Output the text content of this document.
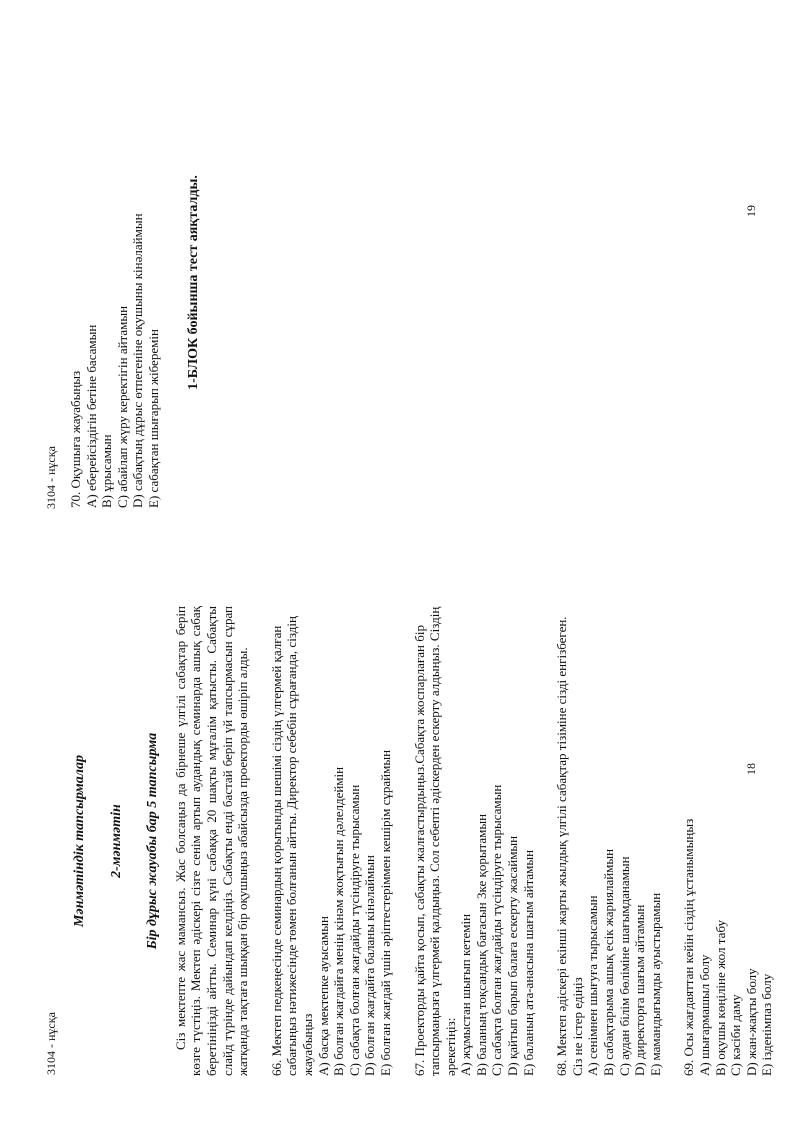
3104 - нұсқа
Мәнмәтіндік тапсырмалар 2-мәнмәтін Бір дұрыс жауабы бар 5 тапсырма Сіз мектепте жас мамансыз. Жас болсаңыз да бірнеше үлгілі сабақтар беріп көзге түстіңіз. Мектеп әдіскері сізге сенім артып аудандық семинарда ашық сабақ беретініңізді айтты. Семинар күні сабаққа 20 шақты мұғалім қатысты. Сабақты слайд түрінде дайындап келдіңіз. Сабақты енді бастай беріп үй тапсырмасын сұрап жатқанда тақтаға шыққан бір оқушыңыз абайсызда проекторды өшіріп алды. 66. Мектеп педкеңесінде семинардың қорытынды шешімі сіздің үлгермей қалған сабағыңыз нәтижесінде төмен болғанын айтты. Директор себебін сұрағанда, сіздің жауабыңыз A) басқа мектепке ауысамын B) болған жағдайға менің кінәм жоқтығын дәлелдеймін C) сабақта болған жағдайды түсіндіруге тырысамын D) болған жағдайға баланы кінәлаймын E) болған жағдай үшін әріптестеріммен кешірім сұраймын 67. Проекторды қайта қосып, сабақты жалғастырдыңыз.Сабақта жоспарлаған бір тапсырмаңызға үлгермей қалдыңыз. Сол себепті әдіскерден ескерту алдыңыз. Сіздің әрекетіңіз: A) жұмыстан шығып кетемін B) баланың тоқсандық бағасын 3ке қорытамын C) сабақта болған жағдайды түсіндіруге тырысамын D) қайтып барып балаға ескерту жасаймын E) баланың ата-анасына шағым айтамын 68. Мектеп әдіскері екінші жарты жылдық үлгілі сабақтар тізіміне сізді енгізбеген. Сіз не істер едіңіз A) сенімнен шығуға тырысамын B) сабақтарыма ашық есік жариялаймын C) аудан білім бөліміне шағымданамын D) директорға шағым айтамын E) мамандығымды ауыстырамын 69. Осы жағдаяттан кейін сіздің ұстанымыңыз A) шығармашыл болу B) оқушы көңіліне жол табу C) кәсіби даму D) жан-жақты болу E) ізденімпаз болу
18
3104 - нұсқа 70. Оқушыға жауабыңыз A) еберейсіздігін бетіне басамын B) ұрысамын C) абайлап жүру керектігін айтамын D) сабақтың дұрыс өтпегеніне оқушыны кінәлаймын E) сабақтан шығарып жіберемін
1-БЛОК бойынша тест аяқталды.	19
